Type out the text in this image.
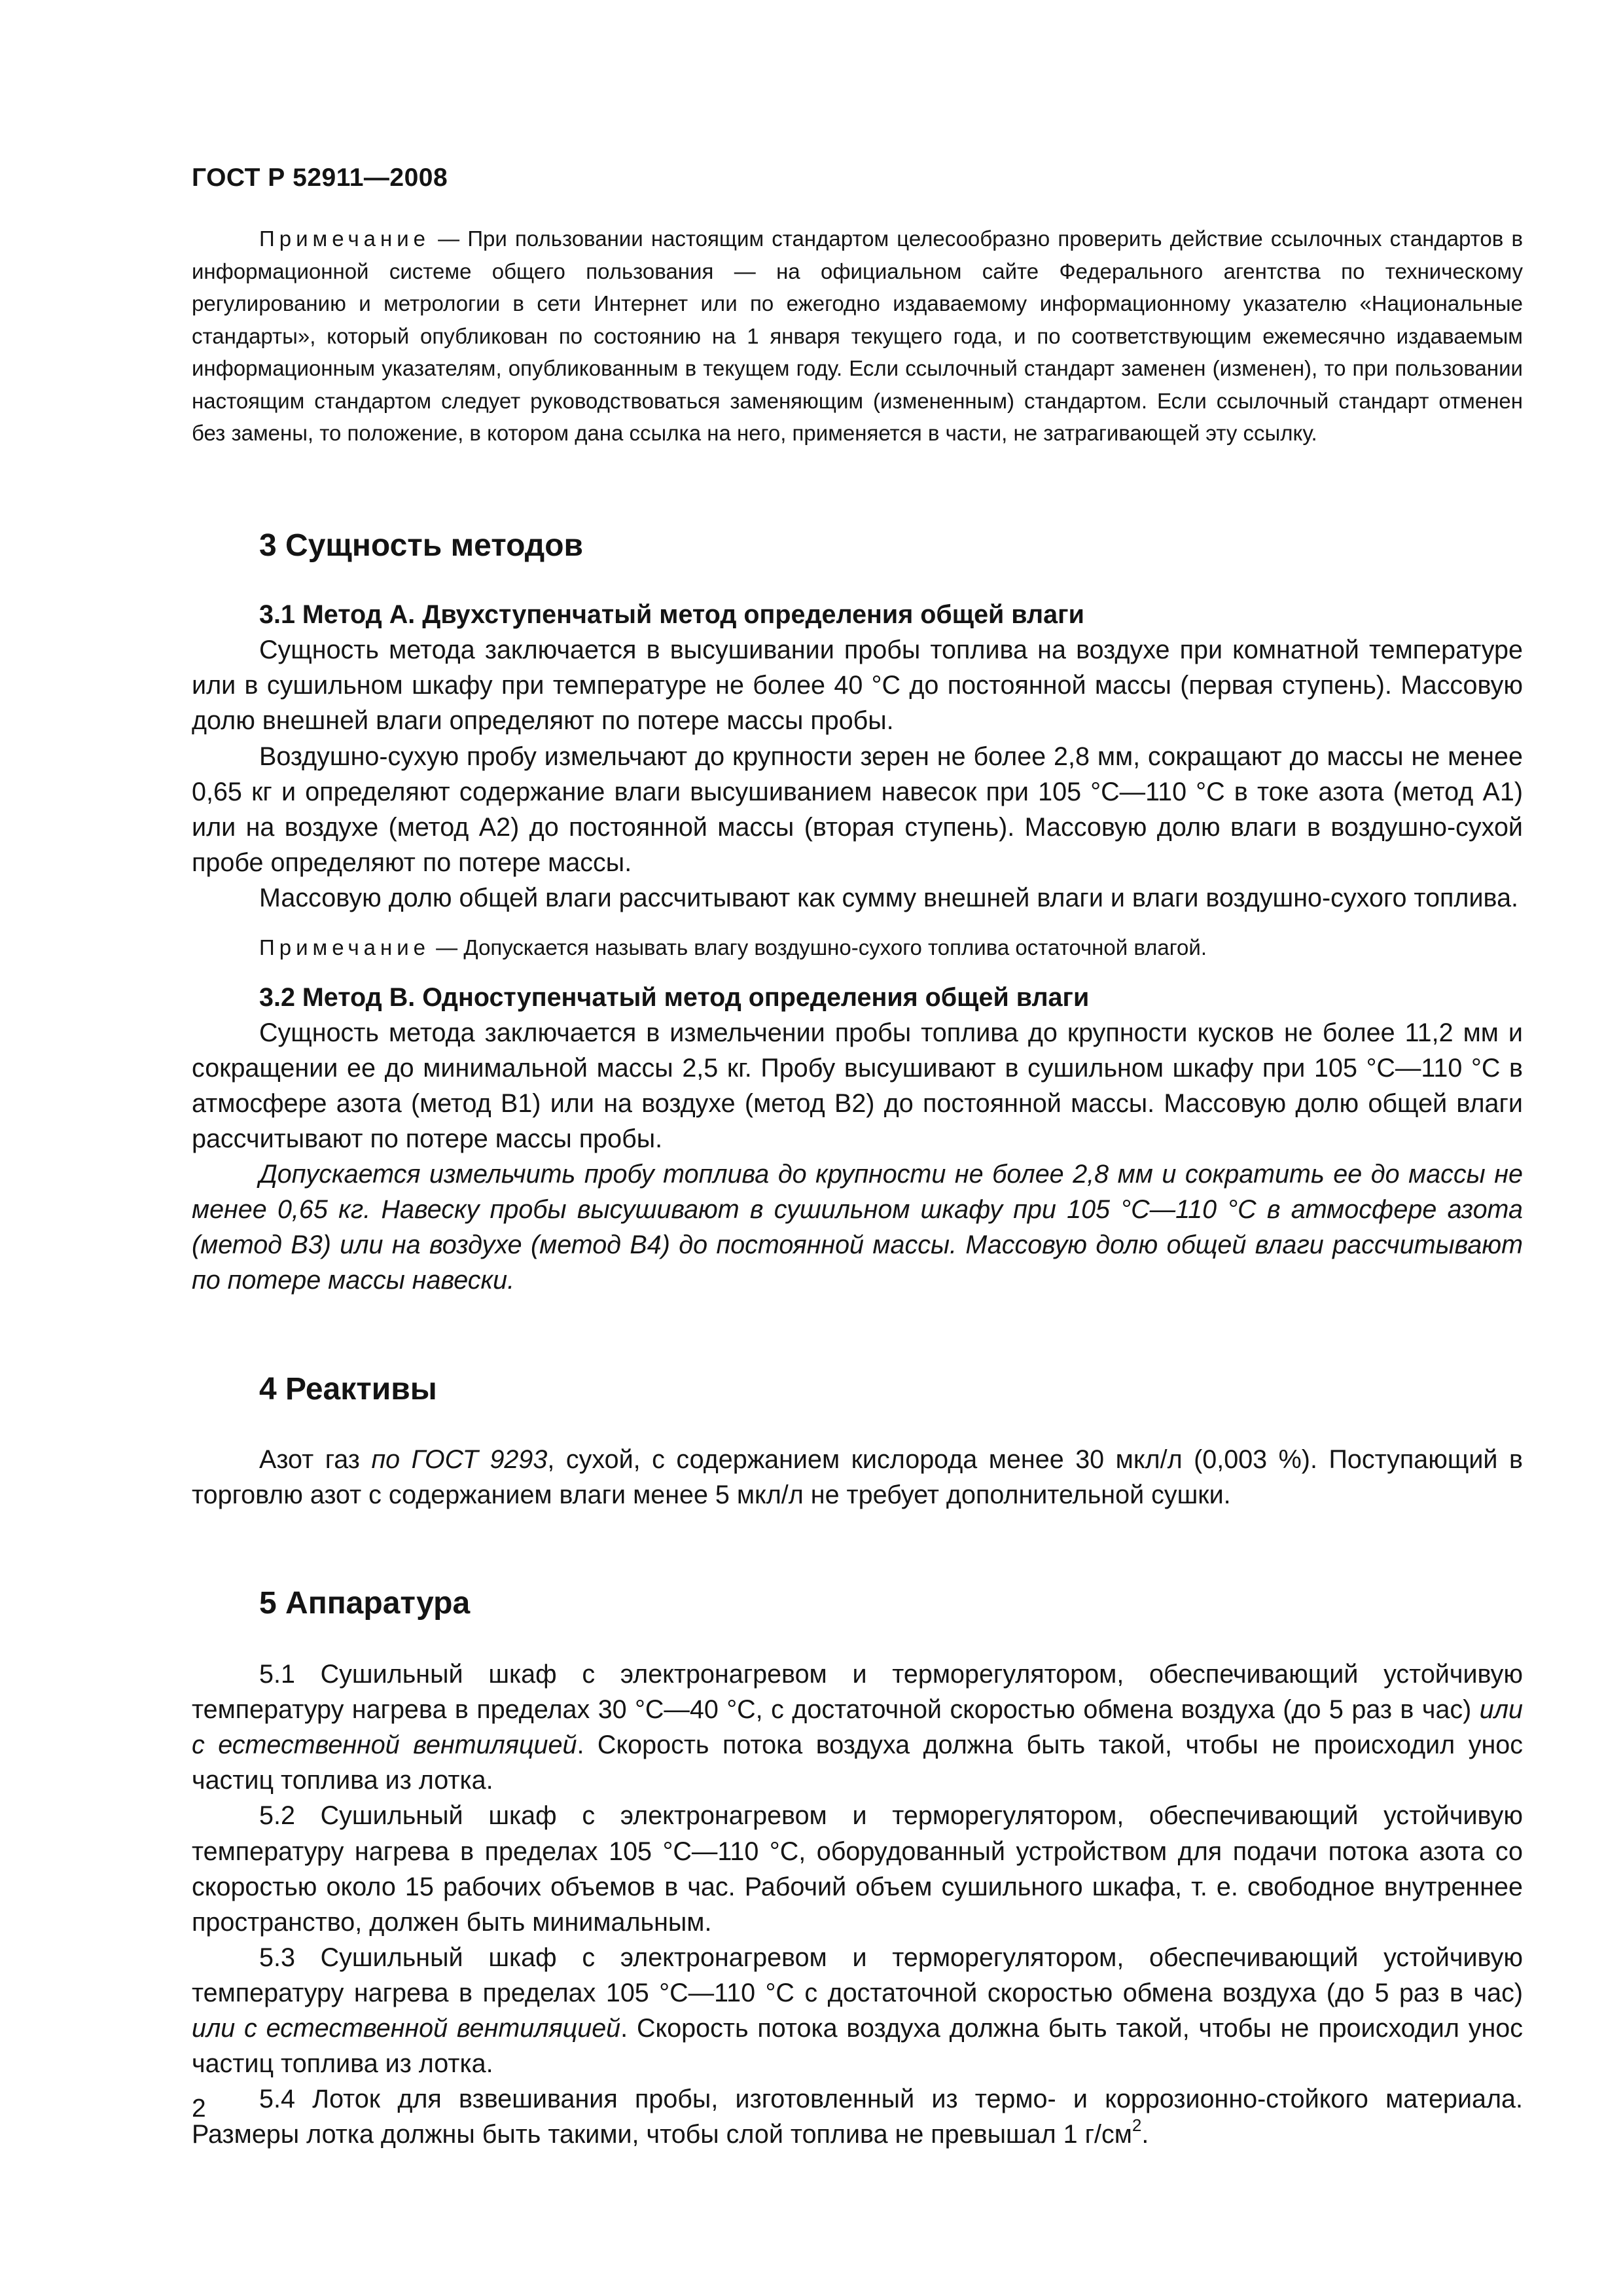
ГОСТ Р 52911—2008

Примечание — При пользовании настоящим стандартом целесообразно проверить действие ссылочных стандартов в информационной системе общего пользования — на официальном сайте Федерального агентства по техническому регулированию и метрологии в сети Интернет или по ежегодно издаваемому информационному указателю «Национальные стандарты», который опубликован по состоянию на 1 января текущего года, и по соответствующим ежемесячно издаваемым информационным указателям, опубликованным в текущем году. Если ссылочный стандарт заменен (изменен), то при пользовании настоящим стандартом следует руководствоваться заменяющим (измененным) стандартом. Если ссылочный стандарт отменен без замены, то положение, в котором дана ссылка на него, применяется в части, не затрагивающей эту ссылку.

3 Сущность методов
3.1 Метод А. Двухступенчатый метод определения общей влаги

Сущность метода заключается в высушивании пробы топлива на воздухе при комнатной температуре или в сушильном шкафу при температуре не более 40 °С до постоянной массы (первая ступень). Массовую долю внешней влаги определяют по потере массы пробы.

Воздушно-сухую пробу измельчают до крупности зерен не более 2,8 мм, сокращают до массы не менее 0,65 кг и определяют содержание влаги высушиванием навесок при 105 °С—110 °С в токе азота (метод А1) или на воздухе (метод А2) до постоянной массы (вторая ступень). Массовую долю влаги в воздушно-сухой пробе определяют по потере массы.

Массовую долю общей влаги рассчитывают как сумму внешней влаги и влаги воздушно-сухого топлива.

Примечание — Допускается называть влагу воздушно-сухого топлива остаточной влагой.

3.2 Метод В. Одноступенчатый метод определения общей влаги

Сущность метода заключается в измельчении пробы топлива до крупности кусков не более 11,2 мм и сокращении ее до минимальной массы 2,5 кг. Пробу высушивают в сушильном шкафу при 105 °С—110 °С в атмосфере азота (метод В1) или на воздухе (метод В2) до постоянной массы. Массовую долю общей влаги рассчитывают по потере массы пробы.

Допускается измельчить пробу топлива до крупности не более 2,8 мм и сократить ее до массы не менее 0,65 кг. Навеску пробы высушивают в сушильном шкафу при 105 °С—110 °С в атмосфере азота (метод В3) или на воздухе (метод В4) до постоянной массы. Массовую долю общей влаги рассчитывают по потере массы навески.

4 Реактивы

Азот газ по ГОСТ 9293, сухой, с содержанием кислорода менее 30 мкл/л (0,003 %). Поступающий в торговлю азот с содержанием влаги менее 5 мкл/л не требует дополнительной сушки.

5 Аппаратура

5.1 Сушильный шкаф с электронагревом и терморегулятором, обеспечивающий устойчивую температуру нагрева в пределах 30 °С—40 °С, с достаточной скоростью обмена воздуха (до 5 раз в час) или с естественной вентиляцией. Скорость потока воздуха должна быть такой, чтобы не происходил унос частиц топлива из лотка.

5.2 Сушильный шкаф с электронагревом и терморегулятором, обеспечивающий устойчивую температуру нагрева в пределах 105 °С—110 °С, оборудованный устройством для подачи потока азота со скоростью около 15 рабочих объемов в час. Рабочий объем сушильного шкафа, т. е. свободное внутреннее пространство, должен быть минимальным.

5.3 Сушильный шкаф с электронагревом и терморегулятором, обеспечивающий устойчивую температуру нагрева в пределах 105 °С—110 °С с достаточной скоростью обмена воздуха (до 5 раз в час) или с естественной вентиляцией. Скорость потока воздуха должна быть такой, чтобы не происходил унос частиц топлива из лотка.

5.4 Лоток для взвешивания пробы, изготовленный из термо- и коррозионно-стойкого материала. Размеры лотка должны быть такими, чтобы слой топлива не превышал 1 $г/см^2$.

2
